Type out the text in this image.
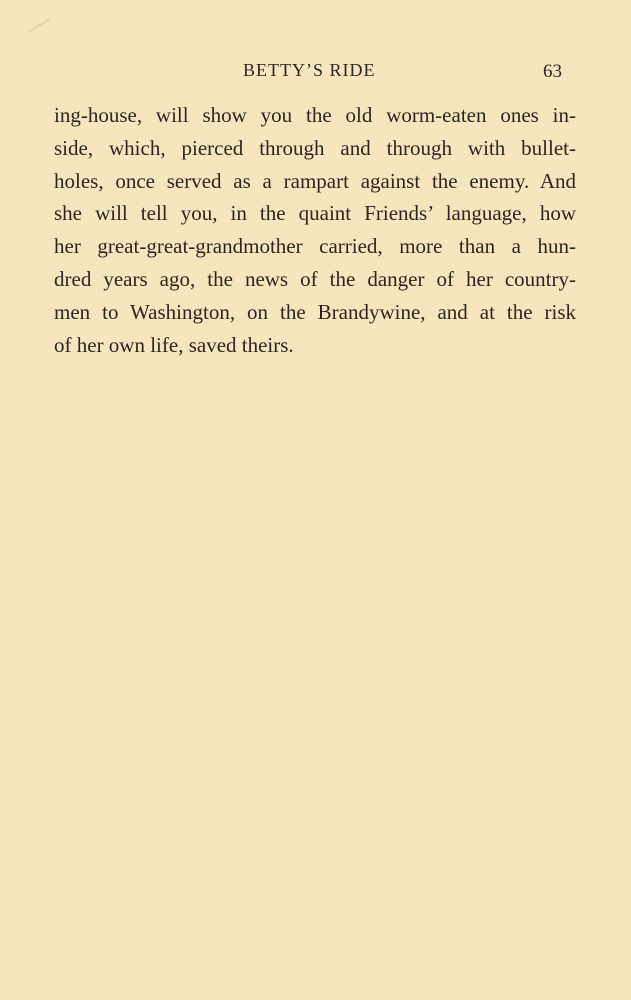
BETTY’S RIDE	63
ing-house, will show you the old worm-eaten ones in-
side, which, pierced through and through with bullet-
holes, once served as a rampart against the enemy. And
she will tell you, in the quaint Friends’ language, how
her great-great-grandmother carried, more than a hun-
dred years ago, the news of the danger of her country-
men to Washington, on the Brandywine, and at the risk
of her own life, saved theirs.
